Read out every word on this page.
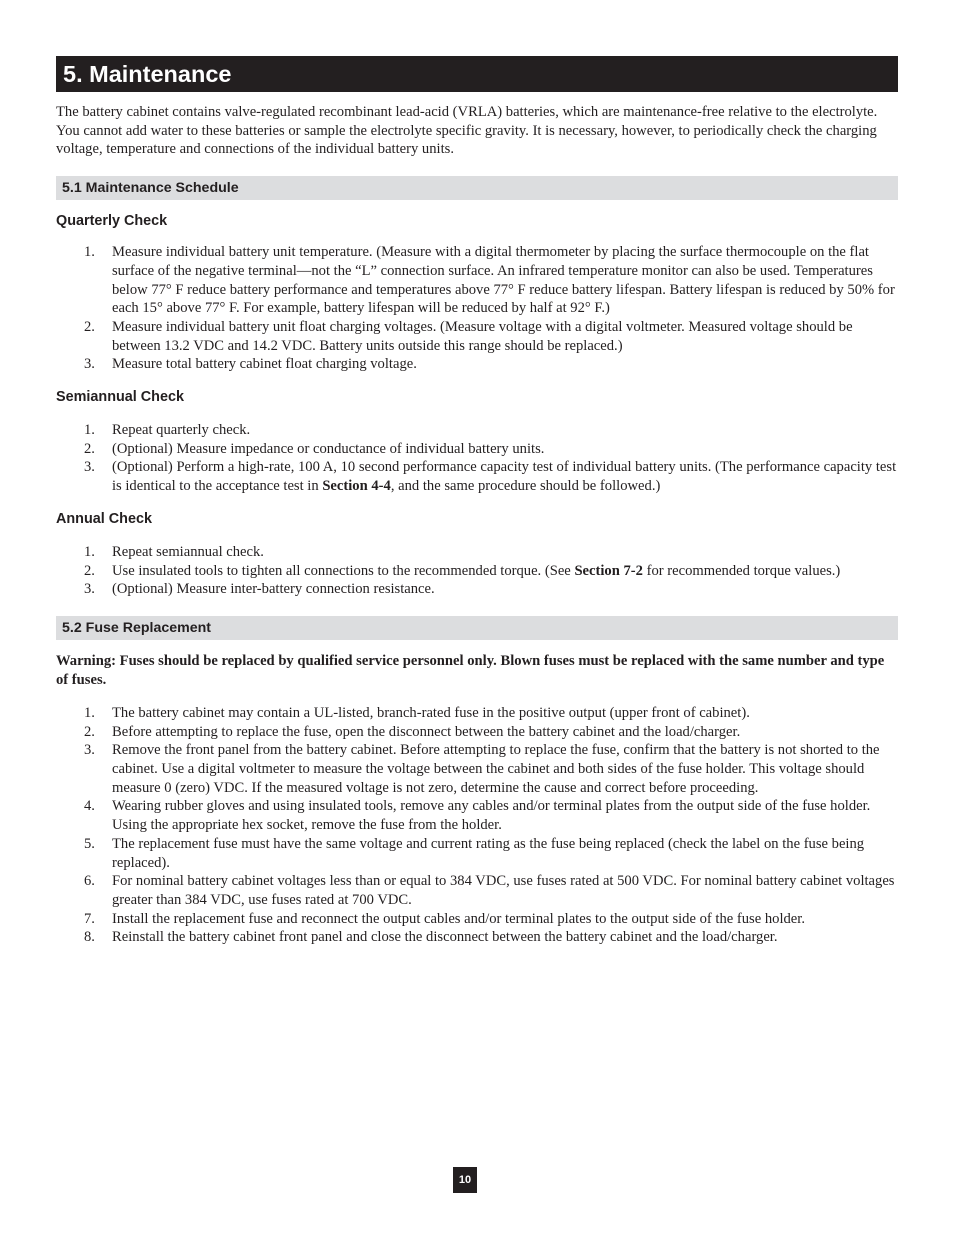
5. Maintenance

The battery cabinet contains valve-regulated recombinant lead-acid (VRLA) batteries, which are maintenance-free relative to the electrolyte. You cannot add water to these batteries or sample the electrolyte specific gravity. It is necessary, however, to periodically check the charging voltage, temperature and connections of the individual battery units.

5.1 Maintenance Schedule
Quarterly Check
1. Measure individual battery unit temperature. (Measure with a digital thermometer by placing the surface thermocouple on the flat surface of the negative terminal—not the “L” connection surface. An infrared temperature monitor can also be used. Temperatures below 77° F reduce battery performance and temperatures above 77° F reduce battery lifespan. Battery lifespan is reduced by 50% for each 15° above 77° F. For example, battery lifespan will be reduced by half at 92° F.)
2. Measure individual battery unit float charging voltages. (Measure voltage with a digital voltmeter. Measured voltage should be between 13.2 VDC and 14.2 VDC. Battery units outside this range should be replaced.)
3. Measure total battery cabinet float charging voltage.
Semiannual Check
1. Repeat quarterly check.
2. (Optional) Measure impedance or conductance of individual battery units.
3. (Optional) Perform a high-rate, 100 A, 10 second performance capacity test of individual battery units. (The performance capacity test is identical to the acceptance test in Section 4-4, and the same procedure should be followed.)
Annual Check
1. Repeat semiannual check.
2. Use insulated tools to tighten all connections to the recommended torque. (See Section 7-2 for recommended torque values.)
3. (Optional) Measure inter-battery connection resistance.
5.2 Fuse Replacement

Warning: Fuses should be replaced by qualified service personnel only. Blown fuses must be replaced with the same number and type of fuses.

1. The battery cabinet may contain a UL-listed, branch-rated fuse in the positive output (upper front of cabinet).
2. Before attempting to replace the fuse, open the disconnect between the battery cabinet and the load/charger.
3. Remove the front panel from the battery cabinet. Before attempting to replace the fuse, confirm that the battery is not shorted to the cabinet. Use a digital voltmeter to measure the voltage between the cabinet and both sides of the fuse holder. This voltage should measure 0 (zero) VDC. If the measured voltage is not zero, determine the cause and correct before proceeding.
4. Wearing rubber gloves and using insulated tools, remove any cables and/or terminal plates from the output side of the fuse holder. Using the appropriate hex socket, remove the fuse from the holder.
5. The replacement fuse must have the same voltage and current rating as the fuse being replaced (check the label on the fuse being replaced).
6. For nominal battery cabinet voltages less than or equal to 384 VDC, use fuses rated at 500 VDC. For nominal battery cabinet voltages greater than 384 VDC, use fuses rated at 700 VDC.
7. Install the replacement fuse and reconnect the output cables and/or terminal plates to the output side of the fuse holder.
8. Reinstall the battery cabinet front panel and close the disconnect between the battery cabinet and the load/charger.
10
